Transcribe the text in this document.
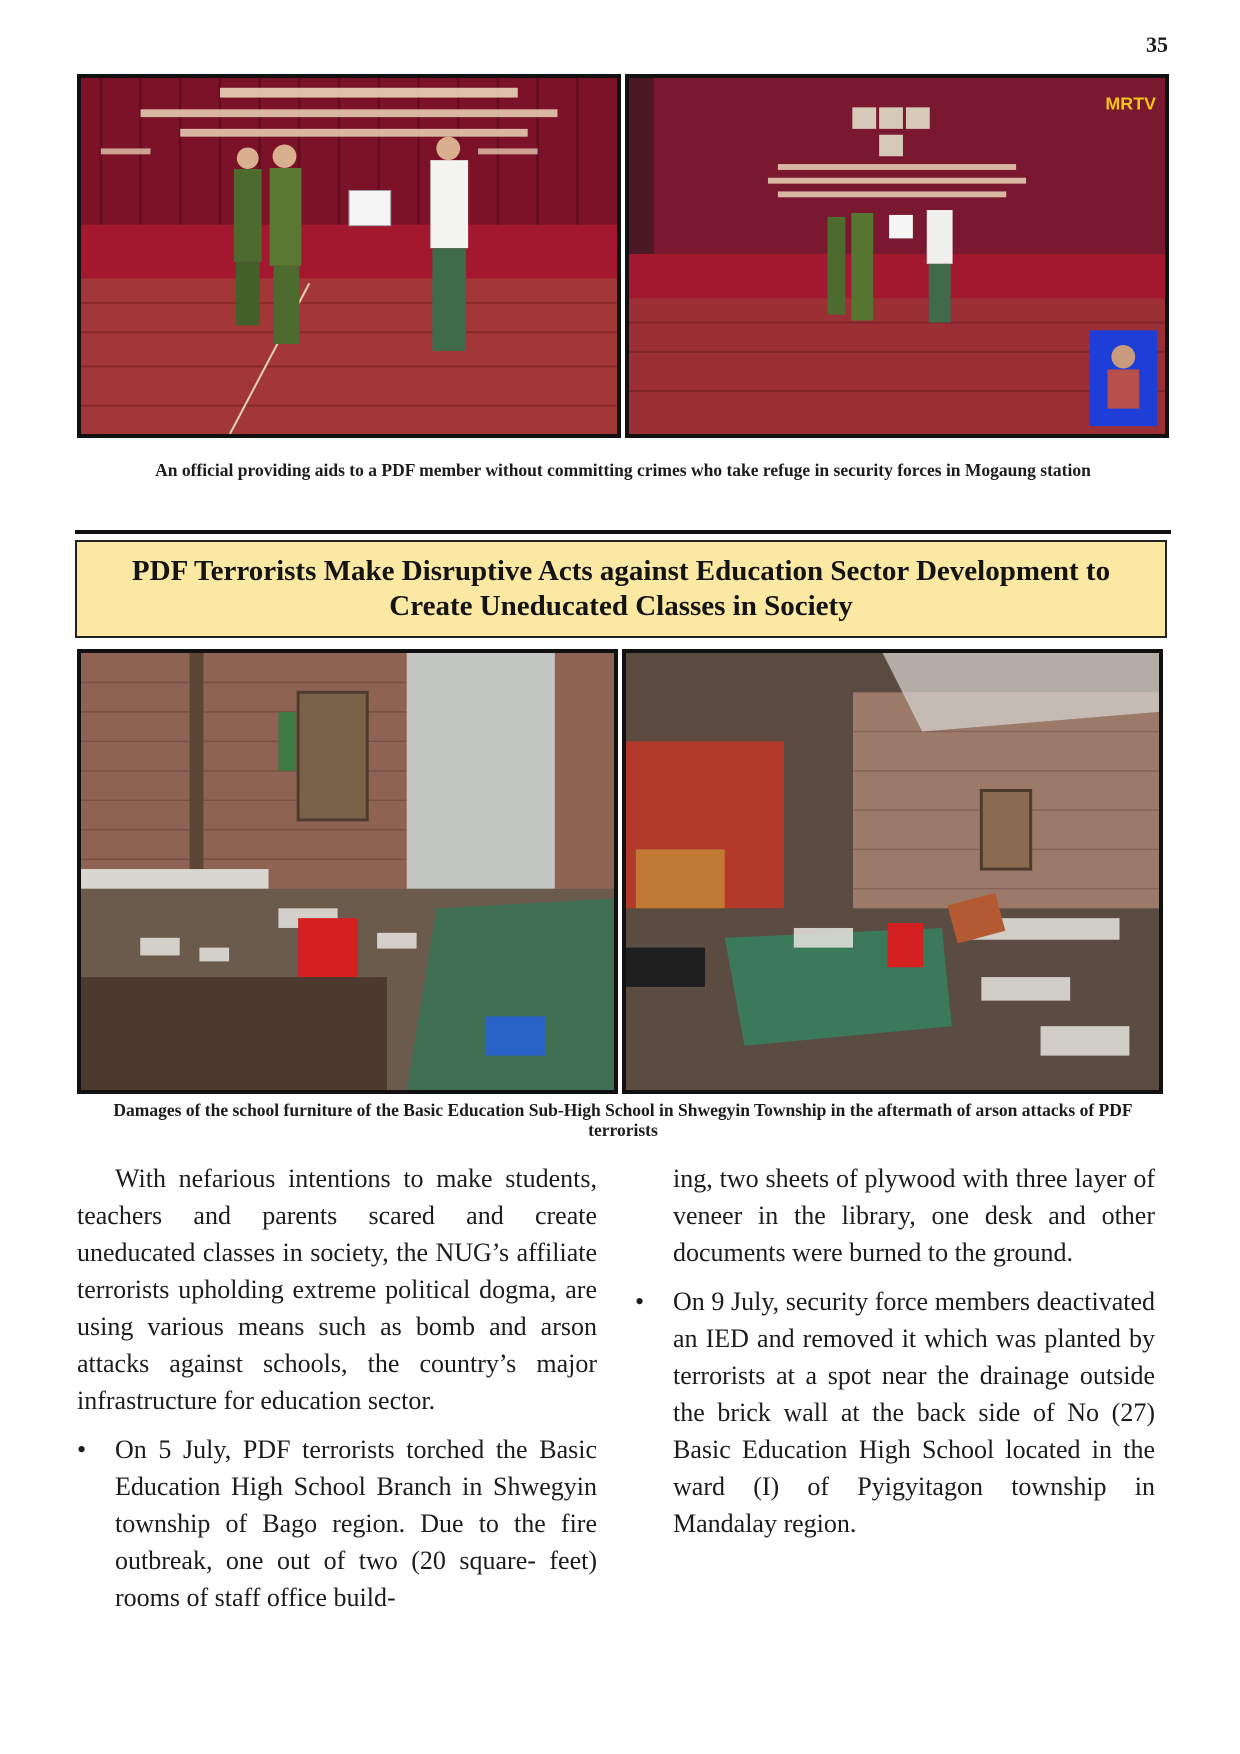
35
MRTV
An official providing aids to a PDF member without committing crimes who take refuge in security forces in Mogaung station
PDF Terrorists Make Disruptive Acts against Education Sector Development to Create Uneducated Classes in Society
Damages of the school furniture of the Basic Education Sub-High School in Shwegyin Township in the aftermath of arson attacks of PDF terrorists

With nefarious intentions to make students, teachers and parents scared and create uneducated classes in society, the NUG’s affiliate terrorists upholding extreme political dogma, are using various means such as bomb and arson attacks against schools, the country’s major infrastructure for education sector.

• On 5 July, PDF terrorists torched the Basic Education High School Branch in Shwegyin township of Bago region. Due to the fire outbreak, one out of two (20 square- feet) rooms of staff office build-
ing, two sheets of plywood with three layer of veneer in the library, one desk and other documents were burned to the ground.
• On 9 July, security force members deactivated an IED and removed it which was planted by terrorists at a spot near the drainage outside the brick wall at the back side of No (27) Basic Education High School located in the ward (I) of Pyigyitagon township in Mandalay region.
